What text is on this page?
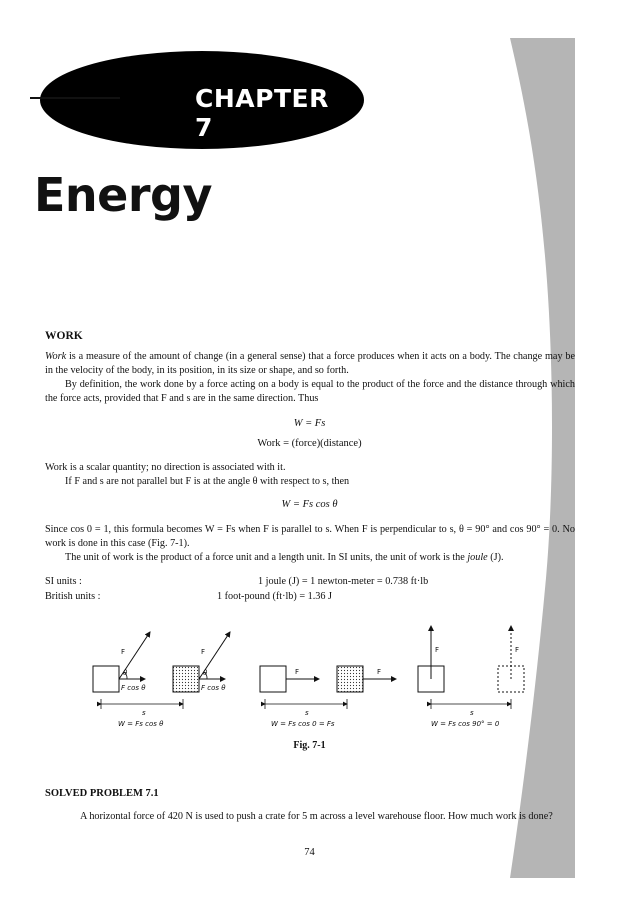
CHAPTER 7
Energy
WORK
Work is a measure of the amount of change (in a general sense) that a force produces when it acts on a body. The change may be in the velocity of the body, in its position, in its size or shape, and so forth.
By definition, the work done by a force acting on a body is equal to the product of the force and the distance through which the force acts, provided that F and s are in the same direction. Thus
W = Fs
Work = (force)(distance)
Work is a scalar quantity; no direction is associated with it.
If F and s are not parallel but F is at the angle θ with respect to s, then
W = Fs cos θ
Since cos 0 = 1, this formula becomes W = Fs when F is parallel to s. When F is perpendicular to s, θ = 90° and cos 90° = 0. No work is done in this case (Fig. 7-1).
The unit of work is the product of a force unit and a length unit. In SI units, the unit of work is the joule (J).
SI units :	1 joule (J) = 1 newton-meter = 0.738 ft·lb
British units :	1 foot-pound (ft·lb) = 1.36 J
F
θ
F cos θ
F
θ
F cos θ
s
W = Fs cos θ
F	F
s
W = Fs cos 0 = Fs
F	F
s
W = Fs cos 90° = 0
Fig. 7-1
SOLVED PROBLEM 7.1
A horizontal force of 420 N is used to push a crate for 5 m across a level warehouse floor. How much work is done?
74
